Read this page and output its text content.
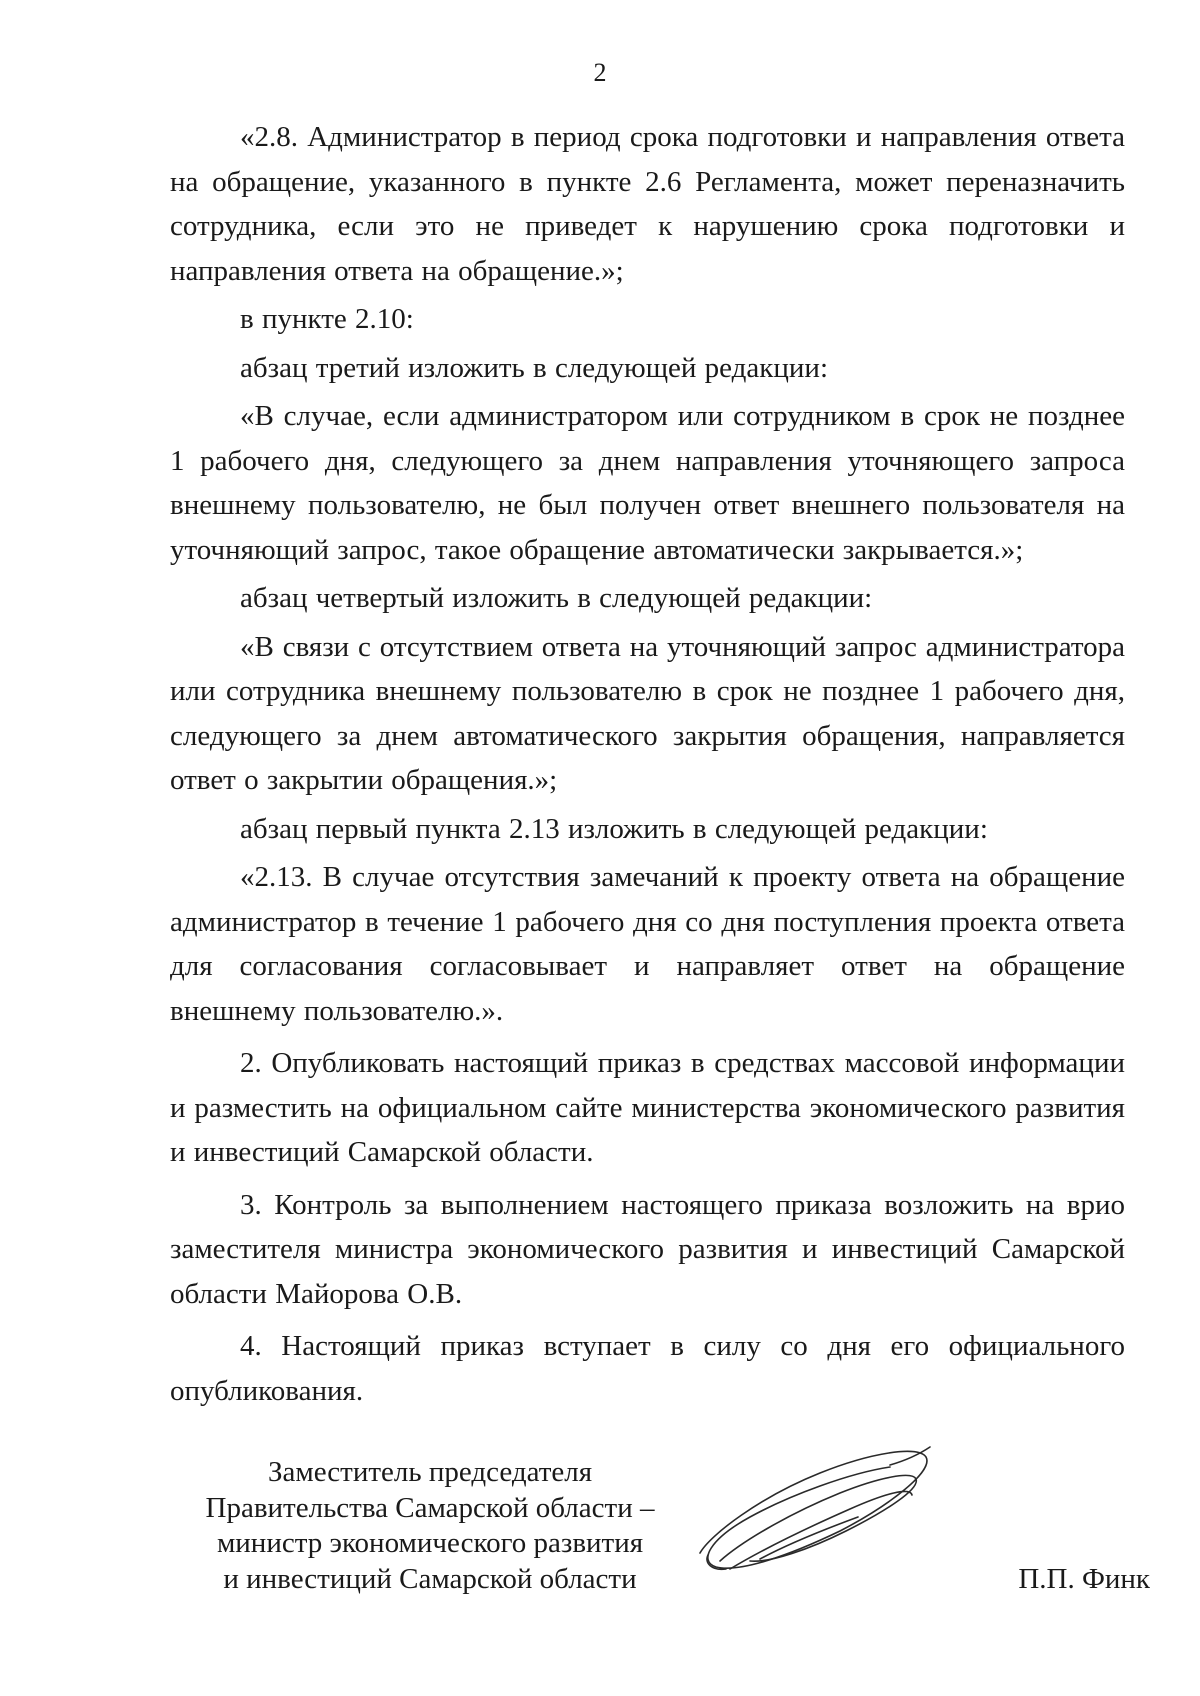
2

«2.8. Администратор в период срока подготовки и направления ответа на обращение, указанного в пункте 2.6 Регламента, может переназначить сотрудника, если это не приведет к нарушению срока подготовки и направления ответа на обращение.»;

в пункте 2.10:

абзац третий изложить в следующей редакции:

«В случае, если администратором или сотрудником в срок не позднее 1 рабочего дня, следующего за днем направления уточняющего запроса внешнему пользователю, не был получен ответ внешнего пользователя на уточняющий запрос, такое обращение автоматически закрывается.»;

абзац четвертый изложить в следующей редакции:

«В связи с отсутствием ответа на уточняющий запрос администратора или сотрудника внешнему пользователю в срок не позднее 1 рабочего дня, следующего за днем автоматического закрытия обращения, направляется ответ о закрытии обращения.»;

абзац первый пункта 2.13 изложить в следующей редакции:

«2.13. В случае отсутствия замечаний к проекту ответа на обращение администратор в течение 1 рабочего дня со дня поступления проекта ответа для согласования согласовывает и направляет ответ на обращение внешнему пользователю.».

2. Опубликовать настоящий приказ в средствах массовой информации и разместить на официальном сайте министерства экономического развития и инвестиций Самарской области.

3. Контроль за выполнением настоящего приказа возложить на врио заместителя министра экономического развития и инвестиций Самарской области Майорова О.В.

4. Настоящий приказ вступает в силу со дня его официального опубликования.

Заместитель председателя
Правительства Самарской области –
министр экономического развития
и инвестиций Самарской области	П.П. Финк
